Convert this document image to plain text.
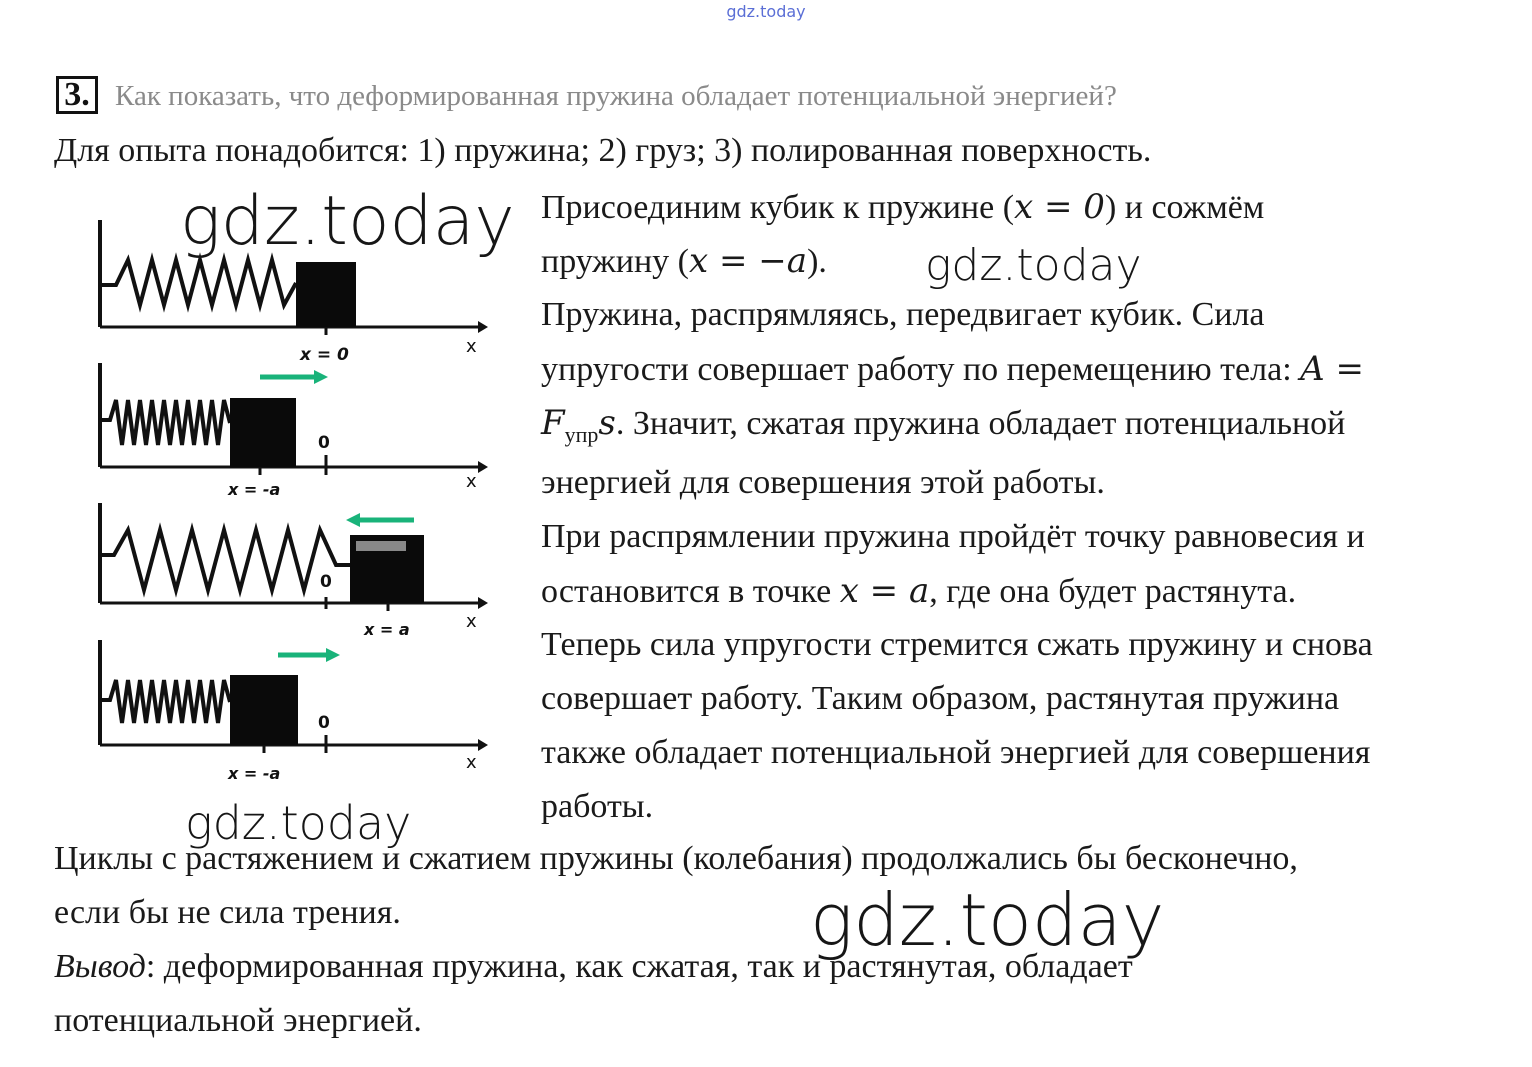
gdz.today
3. Как показать, что деформированная пружина обладает потенциальной энергией?
Для опыта понадобится: 1) пружина; 2) груз; 3) полированная поверхность.
x = 0	x
0
x = -a	x
0
x = a	x
0
x = -a
x
Присоединим кубик к пружине (x = 0) и сожмём
пружину (x = −a).
Пружина, распрямляясь, передвигает кубик. Сила
упругости совершает работу по перемещению тела: A =
$F_{упр}s$. Значит, сжатая пружина обладает потенциальной
энергией для совершения этой работы.
При распрямлении пружина пройдёт точку равновесия и
остановится в точке x = a, где она будет растянута.
Теперь сила упругости стремится сжать пружину и снова
совершает работу. Таким образом, растянутая пружина
также обладает потенциальной энергией для совершения
работы.
Циклы с растяжением и сжатием пружины (колебания) продолжались бы бесконечно,
если бы не сила трения.
Вывод: деформированная пружина, как сжатая, так и растянутая, обладает
потенциальной энергией.
gdz.today
gdz.today
gdz.today
gdz.today
